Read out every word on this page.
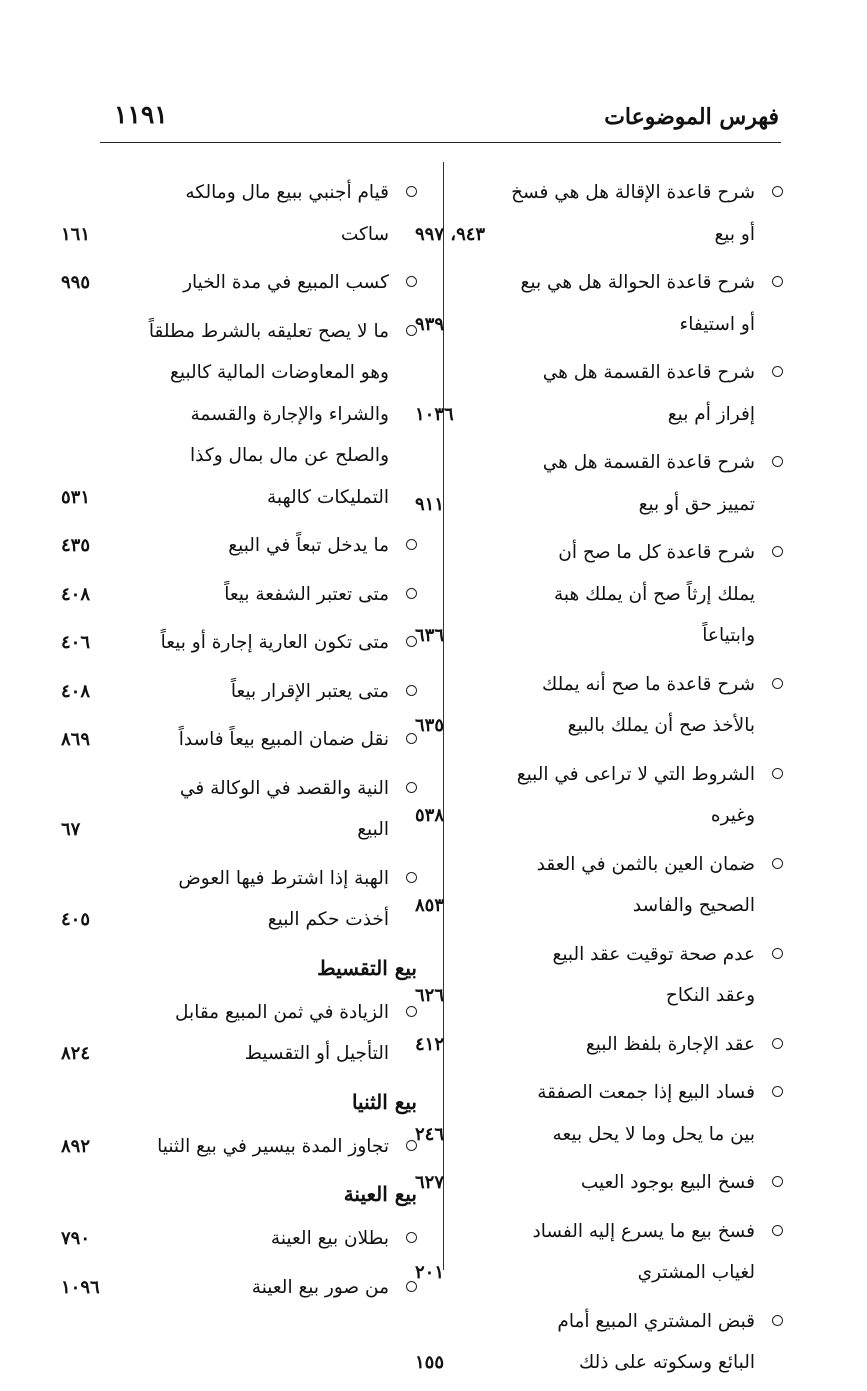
فهرس الموضوعات
١١٩١
شرح قاعدة الإقالة هل هي فسخ
أو بيع
٩٤٣، ٩٩٧
شرح قاعدة الحوالة هل هي بيع
أو استيفاء
٩٣٩
شرح قاعدة القسمة هل هي
إفراز أم بيع
١٠٣٦
شرح قاعدة القسمة هل هي
تمييز حق أو بيع
٩١١
شرح قاعدة كل ما صح أن
يملك إرثاً صح أن يملك هبة
وابتياعاً
٦٣٦
شرح قاعدة ما صح أنه يملك
بالأخذ صح أن يملك بالبيع
٦٣٥
الشروط التي لا تراعى في البيع
وغيره
٥٣٨
ضمان العين بالثمن في العقد
الصحيح والفاسد
٨٥٣
عدم صحة توقيت عقد البيع
وعقد النكاح
٦٢٦
عقد الإجارة بلفظ البيع
٤١٢
فساد البيع إذا جمعت الصفقة
بين ما يحل وما لا يحل بيعه
٢٤٦
فسخ البيع بوجود العيب
٦٢٧
فسخ بيع ما يسرع إليه الفساد
لغياب المشتري
٢٠١
قبض المشتري المبيع أمام
البائع وسكوته على ذلك
١٥٥
قيام أجنبي ببيع مال ومالكه
ساكت
١٦١
كسب المبيع في مدة الخيار
٩٩٥
ما لا يصح تعليقه بالشرط مطلقاً
وهو المعاوضات المالية كالبيع
والشراء والإجارة والقسمة
والصلح عن مال بمال وكذا
التمليكات كالهبة
٥٣١
ما يدخل تبعاً في البيع
٤٣٥
متى تعتبر الشفعة بيعاً
٤٠٨
متى تكون العارية إجارة أو بيعاً
٤٠٦
متى يعتبر الإقرار بيعاً
٤٠٨
نقل ضمان المبيع بيعاً فاسداً
٨٦٩
النية والقصد في الوكالة في
البيع
٦٧
الهبة إذا اشترط فيها العوض
أخذت حكم البيع
٤٠٥
بيع التقسيط
الزيادة في ثمن المبيع مقابل
التأجيل أو التقسيط
٨٢٤
بيع الثنيا
تجاوز المدة بيسير في بيع الثنيا
٨٩٢
بيع العينة
بطلان بيع العينة
٧٩٠
من صور بيع العينة
١٠٩٦
